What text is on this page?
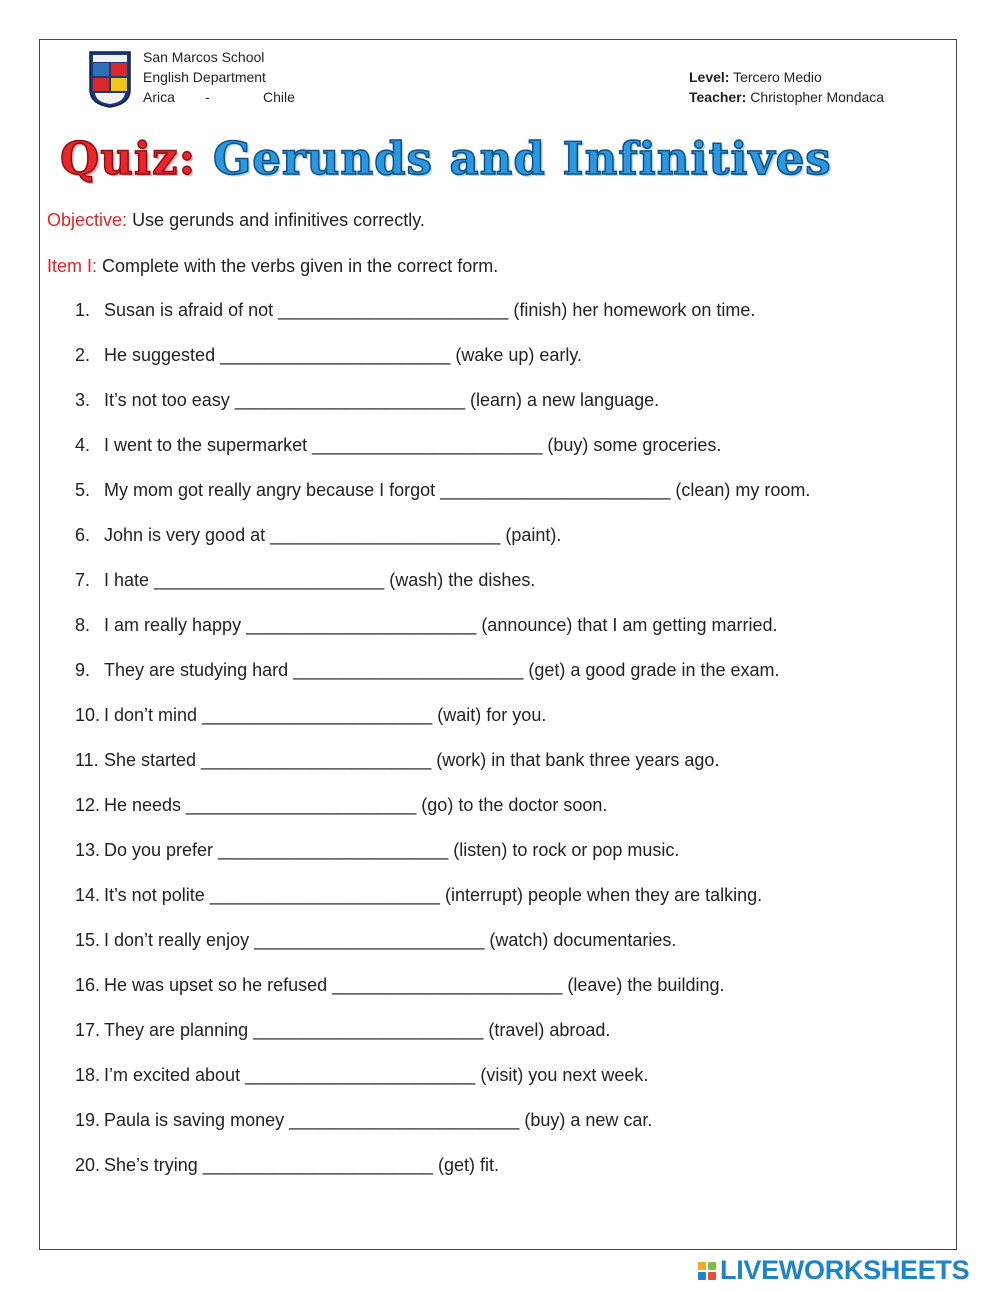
San Marcos School
English Department
Arica	-	Chile
Level: Tercero Medio
Teacher: Christopher Mondaca
Quiz: Gerunds and Infinitives
Objective: Use gerunds and infinitives correctly.
Item I: Complete with the verbs given in the correct form.
1. Susan is afraid of not _______________________ (finish) her homework on time.
2. He suggested _______________________ (wake up) early.
3. It’s not too easy _______________________ (learn) a new language.
4. I went to the supermarket _______________________ (buy) some groceries.
5. My mom got really angry because I forgot _______________________ (clean) my room.
6. John is very good at _______________________ (paint).
7. I hate _______________________ (wash) the dishes.
8. I am really happy _______________________ (announce) that I am getting married.
9. They are studying hard _______________________ (get) a good grade in the exam.
10. I don’t mind _______________________ (wait) for you.
11. She started _______________________ (work) in that bank three years ago.
12. He needs _______________________ (go) to the doctor soon.
13. Do you prefer _______________________ (listen) to rock or pop music.
14. It’s not polite _______________________ (interrupt) people when they are talking.
15. I don’t really enjoy _______________________ (watch) documentaries.
16. He was upset so he refused _______________________ (leave) the building.
17. They are planning _______________________ (travel) abroad.
18. I’m excited about _______________________ (visit) you next week.
19. Paula is saving money _______________________ (buy) a new car.
20. She’s trying _______________________ (get) fit.
LIVEWORKSHEETS
